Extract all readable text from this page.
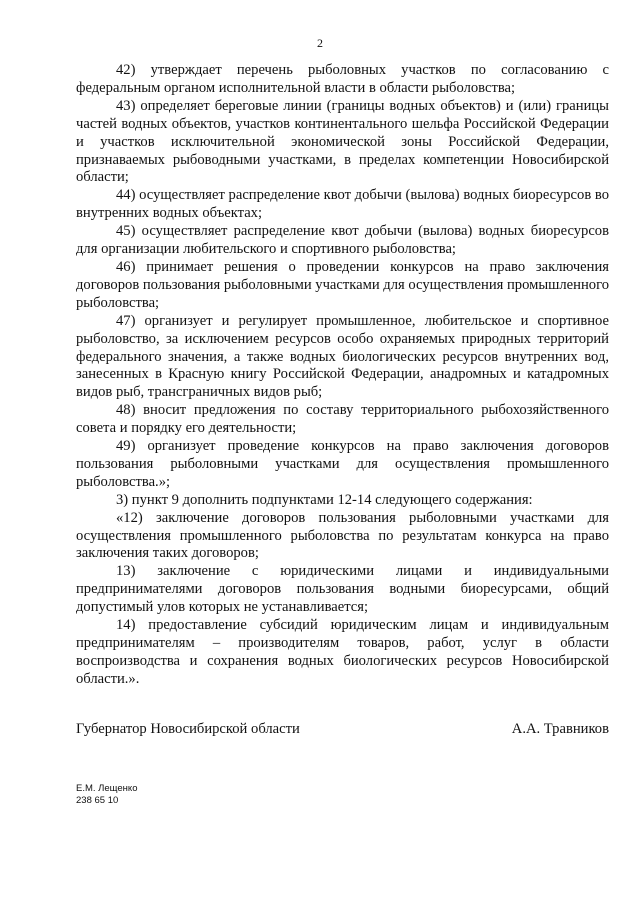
2

42) утверждает перечень рыболовных участков по согласованию с федеральным органом исполнительной власти в области рыболовства;

43) определяет береговые линии (границы водных объектов) и (или) границы частей водных объектов, участков континентального шельфа Российской Федерации и участков исключительной экономической зоны Российской Федерации, признаваемых рыбоводными участками, в пределах компетенции Новосибирской области;

44) осуществляет распределение квот добычи (вылова) водных биоресурсов во внутренних водных объектах;

45) осуществляет распределение квот добычи (вылова) водных биоресурсов для организации любительского и спортивного рыболовства;

46) принимает решения о проведении конкурсов на право заключения договоров пользования рыболовными участками для осуществления промышленного рыболовства;

47) организует и регулирует промышленное, любительское и спортивное рыболовство, за исключением ресурсов особо охраняемых природных территорий федерального значения, а также водных биологических ресурсов внутренних вод, занесенных в Красную книгу Российской Федерации, анадромных и катадромных видов рыб, трансграничных видов рыб;

48) вносит предложения по составу территориального рыбохозяйственного совета и порядку его деятельности;

49) организует проведение конкурсов на право заключения договоров пользования рыболовными участками для осуществления промышленного рыболовства.»;

3) пункт 9 дополнить подпунктами 12-14 следующего содержания:

«12) заключение договоров пользования рыболовными участками для осуществления промышленного рыболовства по результатам конкурса на право заключения таких договоров;

13) заключение с юридическими лицами и индивидуальными предпринимателями договоров пользования водными биоресурсами, общий допустимый улов которых не устанавливается;

14) предоставление субсидий юридическим лицам и индивидуальным предпринимателям – производителям товаров, работ, услуг в области воспроизводства и сохранения водных биологических ресурсов Новосибирской области.».

Губернатор Новосибирской области	А.А. Травников
Е.М. Лещенко
238 65 10
